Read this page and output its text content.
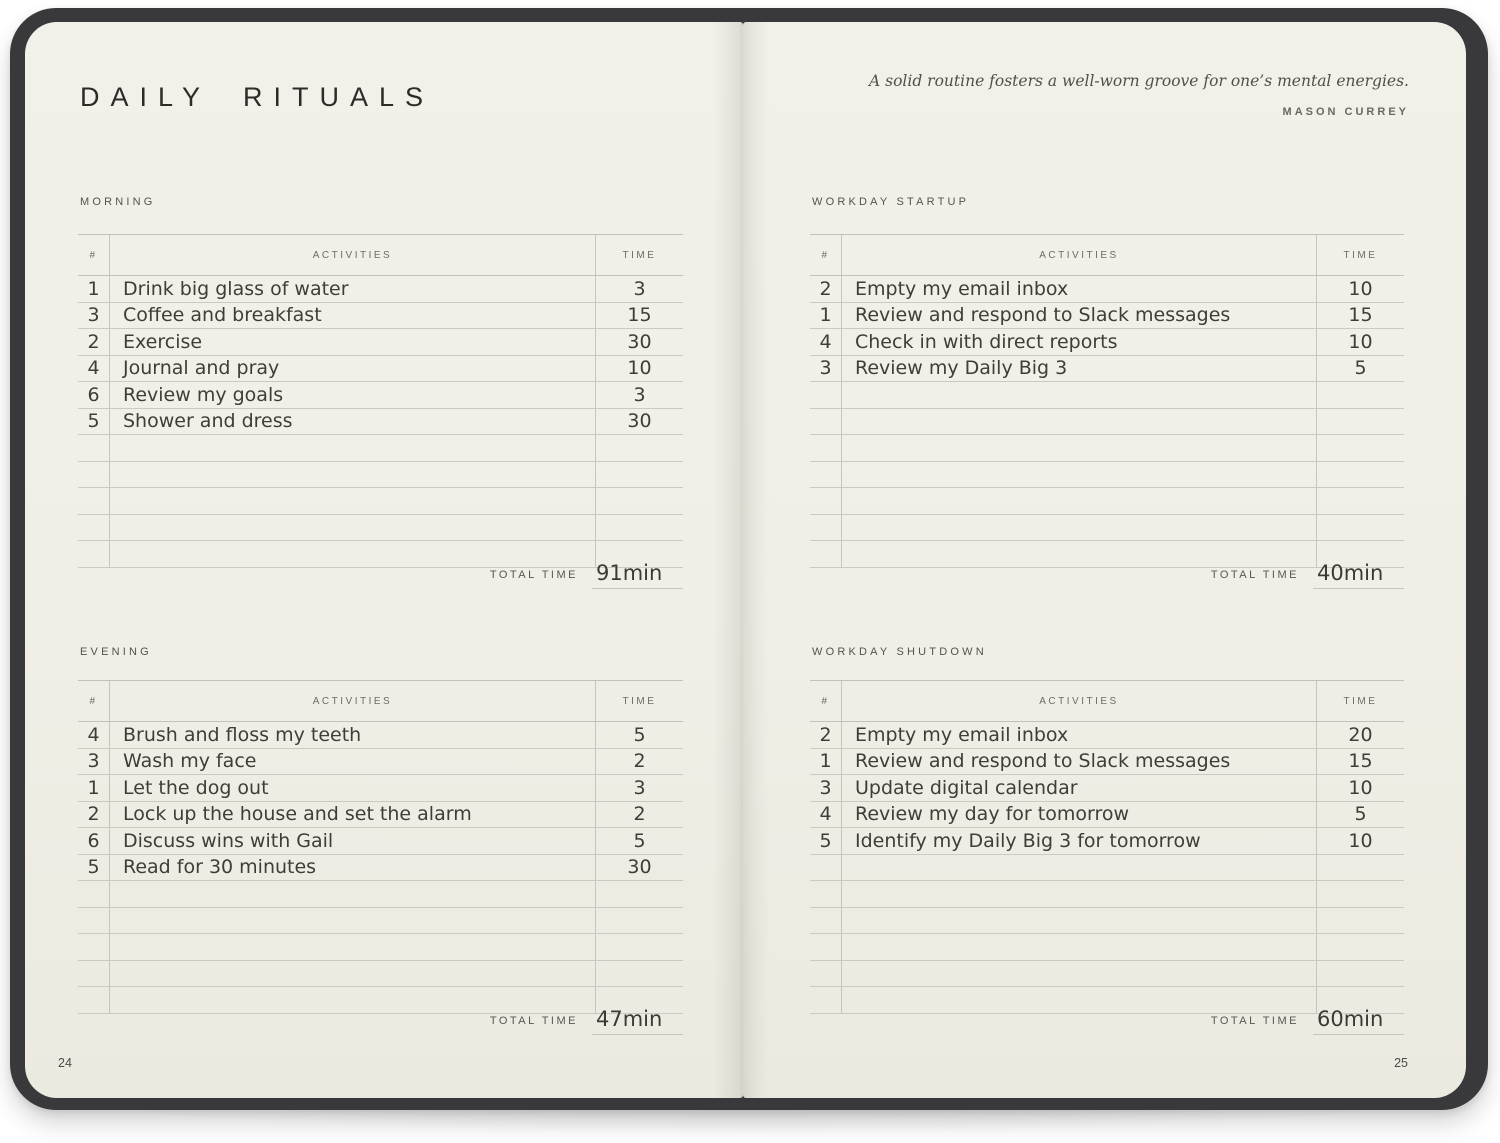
DAILY RITUALS
MORNING
#	ACTIVITIES	TIME
1	Drink big glass of water	3
3	Coffee and breakfast	15
2	Exercise	30
4	Journal and pray	10
6	Review my goals	3
5	Shower and dress	30
TOTAL TIME 91min
EVENING
#	ACTIVITIES	TIME
4	Brush and floss my teeth	5
3	Wash my face	2
1	Let the dog out	3
2	Lock up the house and set the alarm	2
6	Discuss wins with Gail	5
5	Read for 30 minutes	30
TOTAL TIME 47min
24
A solid routine fosters a well-worn groove for one’s mental energies.
MASON CURREY
WORKDAY STARTUP
#	ACTIVITIES	TIME
2	Empty my email inbox	10
1	Review and respond to Slack messages	15
4	Check in with direct reports	10
3	Review my Daily Big 3	5
TOTAL TIME 40min
WORKDAY SHUTDOWN
#	ACTIVITIES	TIME
2	Empty my email inbox	20
1	Review and respond to Slack messages	15
3	Update digital calendar	10
4	Review my day for tomorrow	5
5	Identify my Daily Big 3 for tomorrow	10
TOTAL TIME 60min
25
